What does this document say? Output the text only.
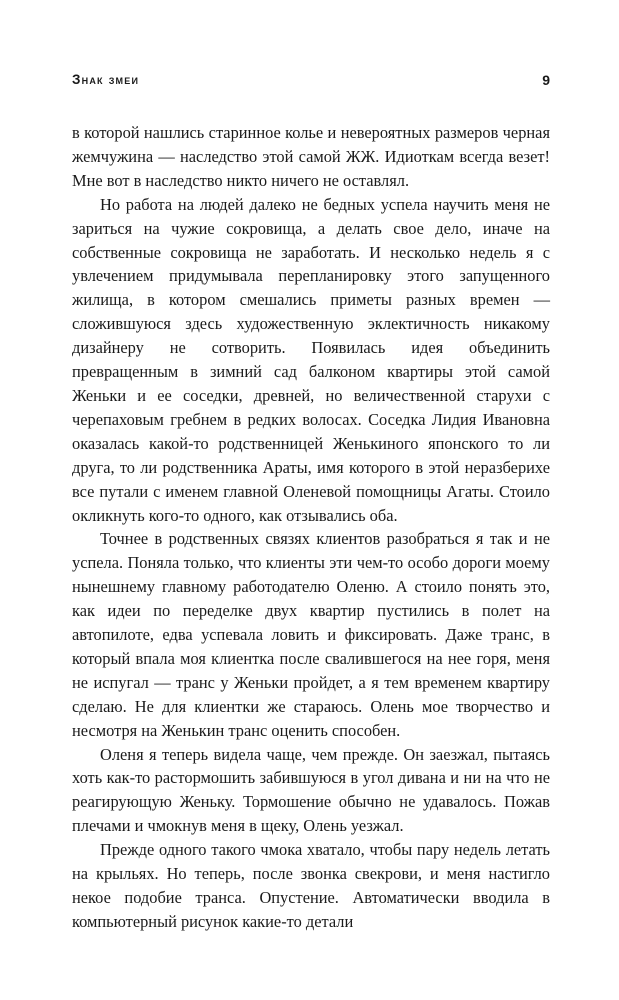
Знак змеи	9

в которой нашлись старинное колье и невероятных размеров черная жемчужина — наследство этой самой ЖЖ. Идиоткам всегда везет! Мне вот в наследство никто ничего не оставлял.

Но работа на людей далеко не бедных успела научить меня не зариться на чужие сокровища, а делать свое дело, иначе на собственные сокровища не заработать. И несколько недель я с увлечением придумывала перепланировку этого запущенного жилища, в котором смешались приметы разных времен — сложившуюся здесь художественную эклектичность никакому дизайнеру не сотворить. Появилась идея объединить превращенным в зимний сад балконом квартиры этой самой Женьки и ее соседки, древней, но величественной старухи с черепаховым гребнем в редких волосах. Соседка Лидия Ивановна оказалась какой-то родственницей Женькиного японского то ли друга, то ли родственника Араты, имя которого в этой неразберихе все путали с именем главной Оленевой помощницы Агаты. Стоило окликнуть кого-то одного, как отзывались оба.

Точнее в родственных связях клиентов разобраться я так и не успела. Поняла только, что клиенты эти чем-то особо дороги моему нынешнему главному работодателю Оленю. А стоило понять это, как идеи по переделке двух квартир пустились в полет на автопилоте, едва успевала ловить и фиксировать. Даже транс, в который впала моя клиентка после свалившегося на нее горя, меня не испугал — транс у Женьки пройдет, а я тем временем квартиру сделаю. Не для клиентки же стараюсь. Олень мое творчество и несмотря на Женькин транс оценить способен.

Оленя я теперь видела чаще, чем прежде. Он заезжал, пытаясь хоть как-то растормошить забившуюся в угол дивана и ни на что не реагирующую Женьку. Тормошение обычно не удавалось. Пожав плечами и чмокнув меня в щеку, Олень уезжал.

Прежде одного такого чмока хватало, чтобы пару недель летать на крыльях. Но теперь, после звонка свекрови, и меня настигло некое подобие транса. Опустение. Автоматически вводила в компьютерный рисунок какие-то детали
